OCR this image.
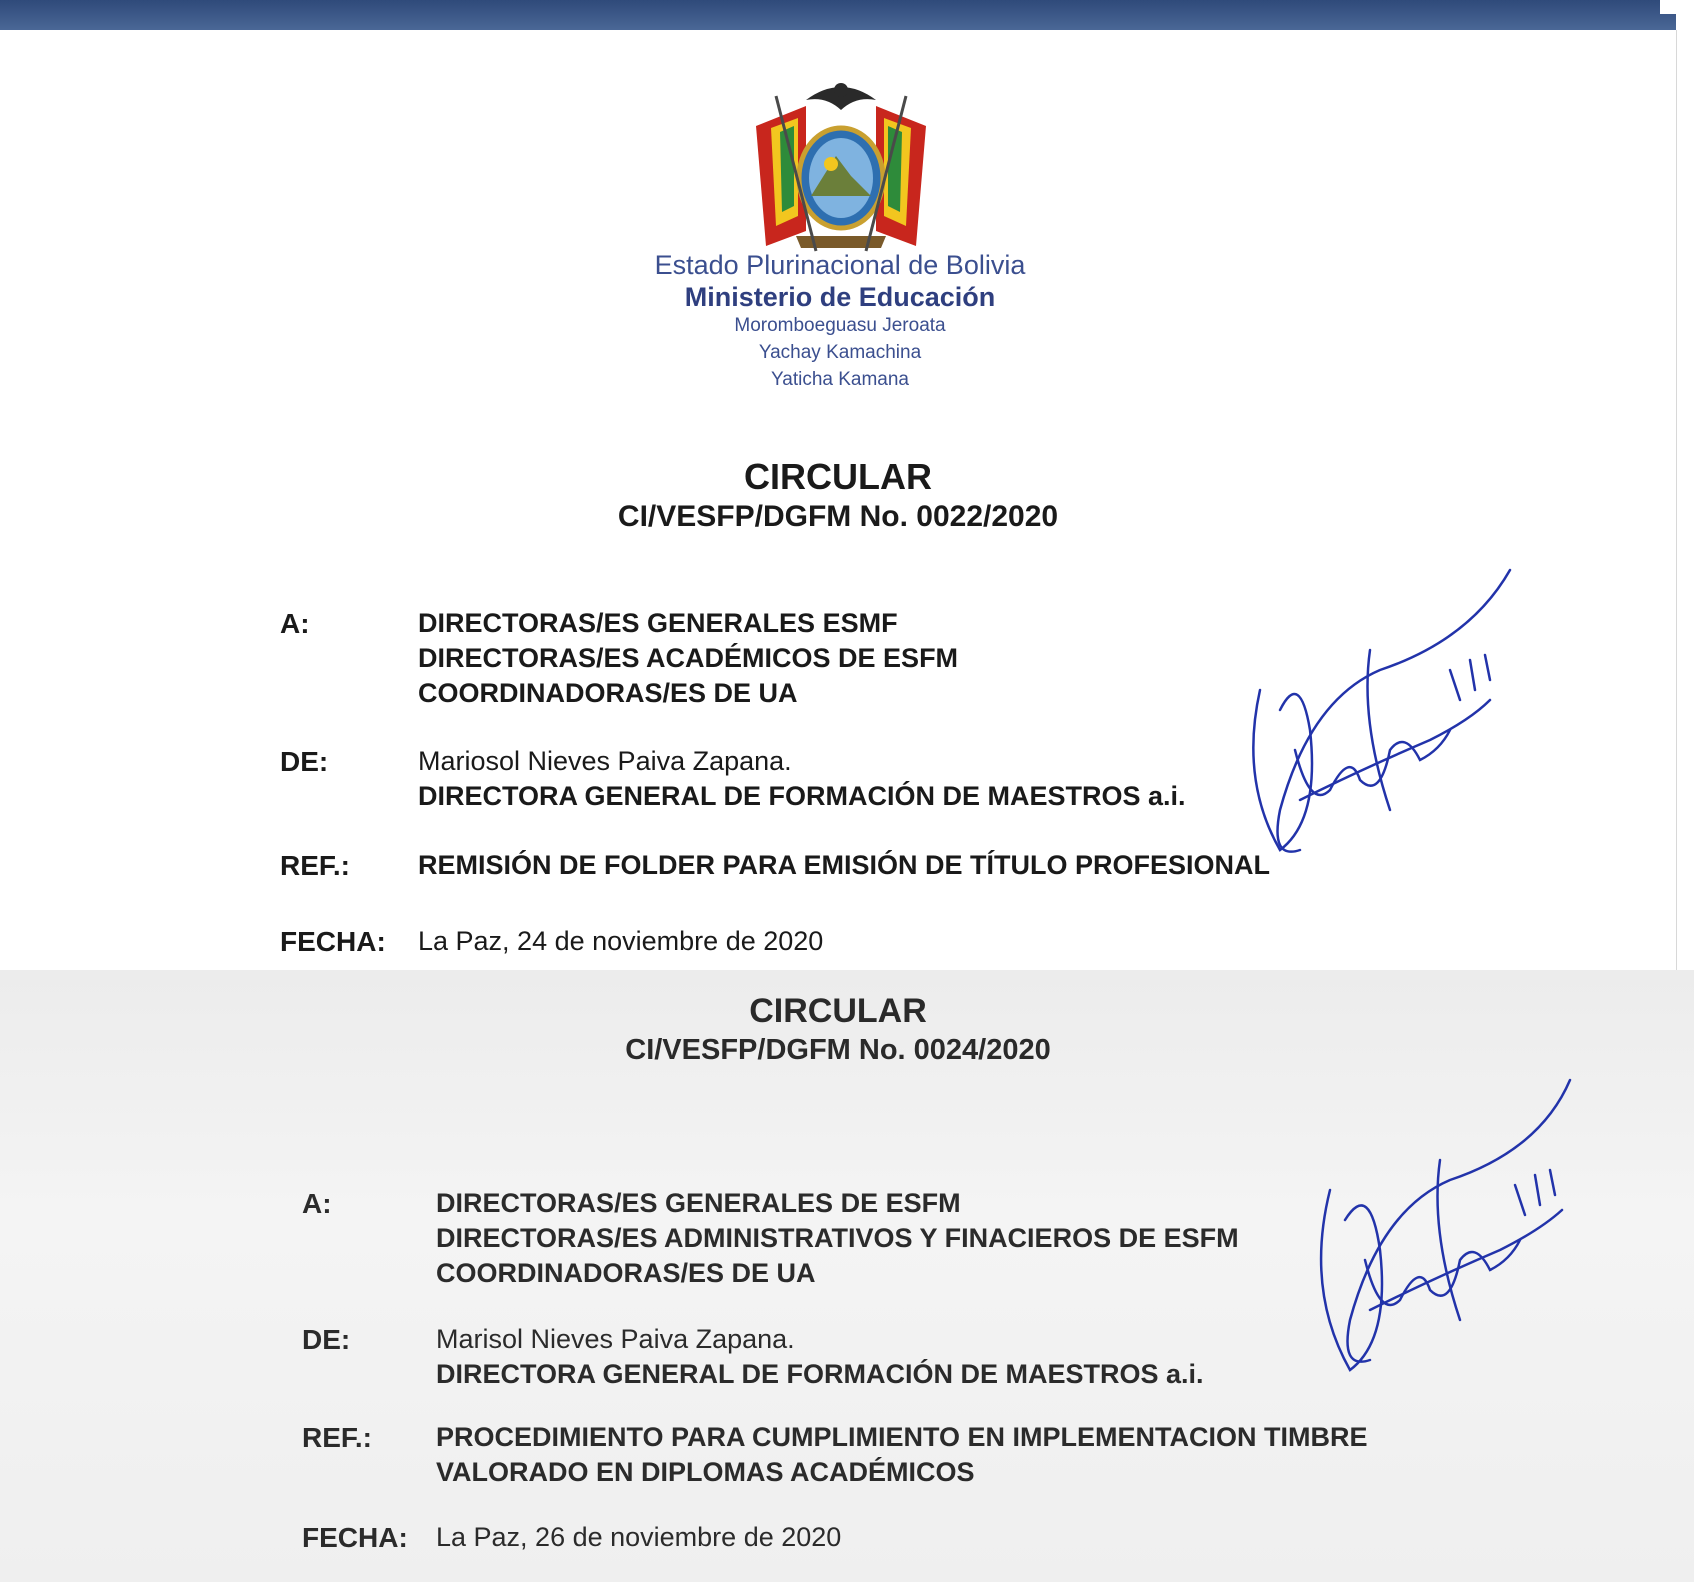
Estado Plurinacional de Bolivia
Ministerio de Educación
Moromboeguasu Jeroata
Yachay Kamachina
Yaticha Kamana
CIRCULAR
CI/VESFP/DGFM No. 0022/2020
A:	DIRECTORAS/ES GENERALES ESMF
DIRECTORAS/ES ACADÉMICOS DE ESFM
COORDINADORAS/ES DE UA
DE:	Mariosol Nieves Paiva Zapana.
DIRECTORA GENERAL DE FORMACIÓN DE MAESTROS a.i.
REF.:	REMISIÓN DE FOLDER PARA EMISIÓN DE TÍTULO PROFESIONAL
FECHA: La Paz, 24 de noviembre de 2020
CIRCULAR
CI/VESFP/DGFM No. 0024/2020
A:	DIRECTORAS/ES GENERALES DE ESFM
DIRECTORAS/ES ADMINISTRATIVOS Y FINACIEROS DE ESFM
COORDINADORAS/ES DE UA
DE:	Marisol Nieves Paiva Zapana.
DIRECTORA GENERAL DE FORMACIÓN DE MAESTROS a.i.
REF.: PROCEDIMIENTO PARA CUMPLIMIENTO EN IMPLEMENTACION TIMBRE
VALORADO EN DIPLOMAS ACADÉMICOS
FECHA: La Paz, 26 de noviembre de 2020
